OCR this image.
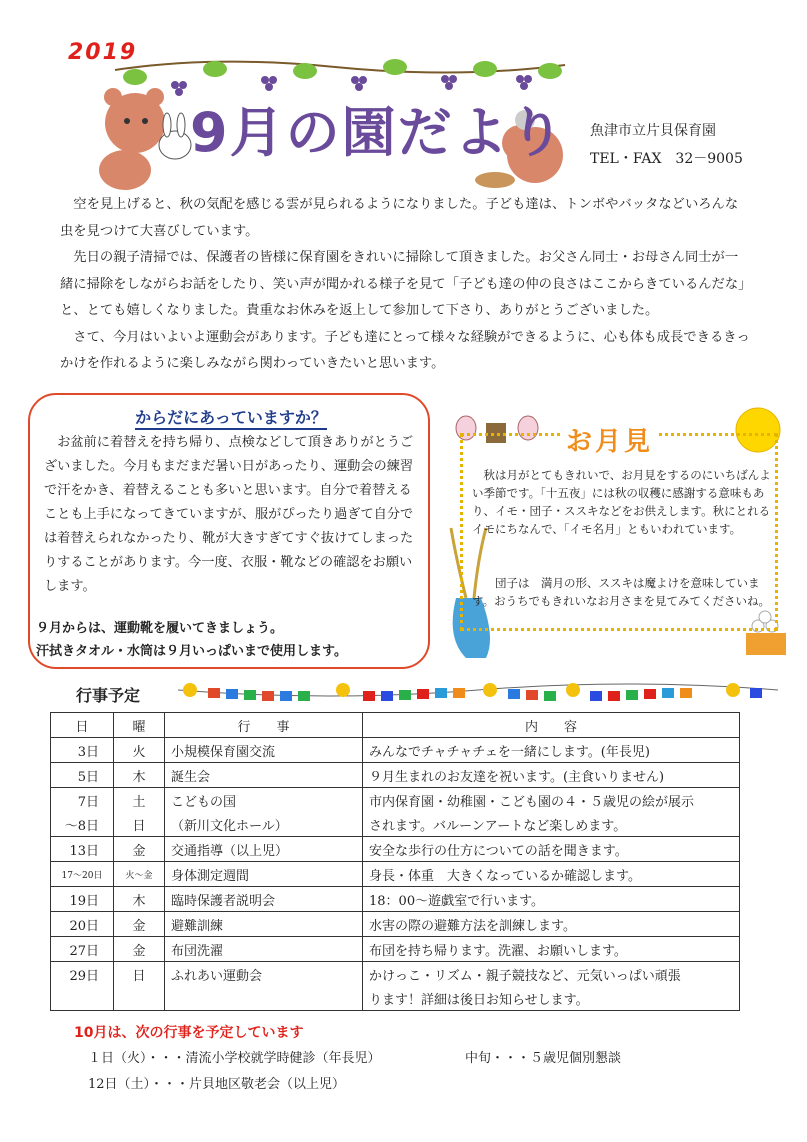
2019
9月の園だより 魚津市立片貝保育園
TEL・FAX　32－9005

空を見上げると、秋の気配を感じる雲が見られるようになりました。子ども達は、トンボやバッタなどいろんな虫を見つけて大喜びしています。

先日の親子清掃では、保護者の皆様に保育園をきれいに掃除して頂きました。お父さん同士・お母さん同士が一緒に掃除をしながらお話をしたり、笑い声が聞かれる様子を見て「子ども達の仲の良さはここからきているんだな」と、とても嬉しくなりました。貴重なお休みを返上して参加して下さり、ありがとうございました。

さて、今月はいよいよ運動会があります。子ども達にとって様々な経験ができるように、心も体も成長できるきっかけを作れるように楽しみながら関わっていきたいと思います。

からだにあっていますか？
お盆前に着替えを持ち帰り、点検などして頂きありがとうございました。今月もまだまだ暑い日があったり、運動会の練習で汗をかき、着替えることも多いと思います。自分で着替えることも上手になってきていますが、服がぴったり過ぎて自分では着替えられなかったり、靴が大きすぎてすぐ抜けてしまったりすることがあります。今一度、衣服・靴などの確認をお願いします。
９月からは、運動靴を履いてきましょう。
汗拭きタオル・水筒は９月いっぱいまで使用します。
お月見
秋は月がとてもきれいで、お月見をするのにいちばんよい季節です。「十五夜」には秋の収穫に感謝する意味もあり、イモ・団子・ススキなどをお供えします。秋にとれるイモにちなんで、「イモ名月」ともいわれています。
団子は　満月の形、ススキは魔よけを意味しています。おうちでもきれいなお月さまを見てみてくださいね。
行事予定
日	曜	行　　事	内　　容
3日	火	小規模保育園交流	みんなでチャチャチェを一緒にします。(年長児)
5日	木	誕生会	９月生まれのお友達を祝います。(主食いりません)
7日	土	こどもの国	市内保育園・幼稚園・こども園の４・５歳児の絵が展示
～8日	日	（新川文化ホール）	されます。バルーンアートなど楽しめます。
13日	金	交通指導（以上児）	安全な歩行の仕方についての話を聞きます。
17～20日	火～金	身体測定週間	身長・体重　大きくなっているか確認します。
19日	木	臨時保護者説明会	18：00～遊戯室で行います。
20日	金	避難訓練	水害の際の避難方法を訓練します。
27日	金	布団洗濯	布団を持ち帰ります。洗濯、お願いします。
29日	日	ふれあい運動会	かけっこ・リズム・親子競技など、元気いっぱい頑張
			ります！詳細は後日お知らせします。
10月は、次の行事を予定しています
１日（火）・・・清流小学校就学時健診（年長児）	中旬・・・５歳児個別懇談
12日（土）・・・片貝地区敬老会（以上児）
